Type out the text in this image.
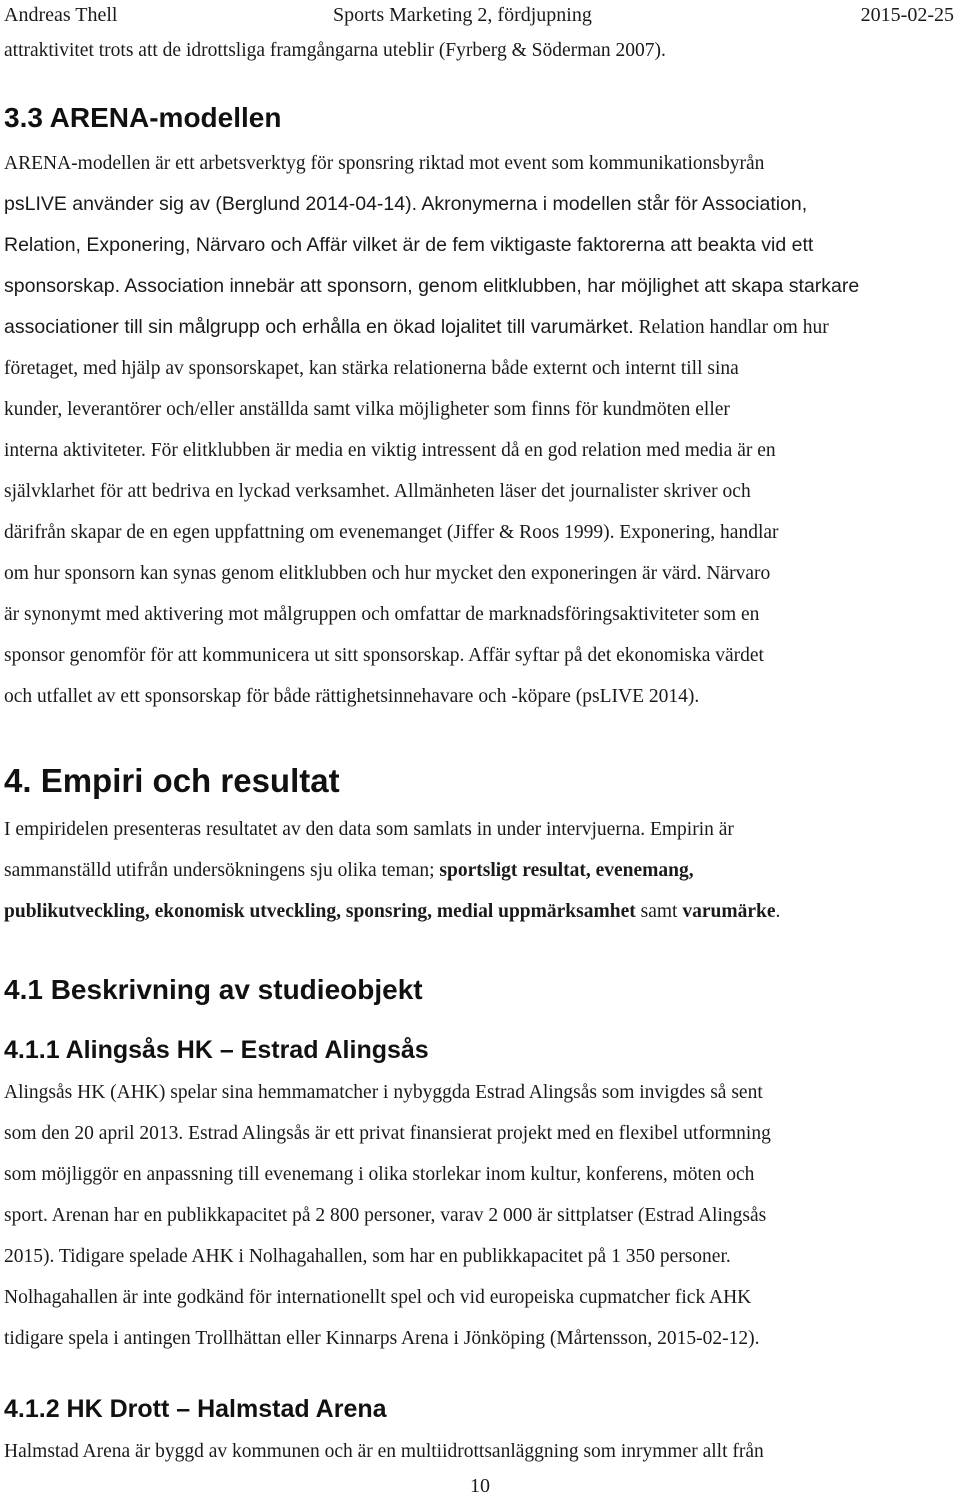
Andreas Thell	Sports Marketing 2, fördjupning	2015-02-25

attraktivitet trots att de idrottsliga framgångarna uteblir (Fyrberg & Söderman 2007).

3.3 ARENA-modellen
ARENA-modellen är ett arbetsverktyg för sponsring riktad mot event som kommunikationsbyrån
psLIVE använder sig av (Berglund 2014-04-14). Akronymerna i modellen står för Association,
Relation, Exponering, Närvaro och Affär vilket är de fem viktigaste faktorerna att beakta vid ett
sponsorskap. Association innebär att sponsorn, genom elitklubben, har möjlighet att skapa starkare
associationer till sin målgrupp och erhålla en ökad lojalitet till varumärket. Relation handlar om hur
företaget, med hjälp av sponsorskapet, kan stärka relationerna både externt och internt till sina
kunder, leverantörer och/eller anställda samt vilka möjligheter som finns för kundmöten eller
interna aktiviteter. För elitklubben är media en viktig intressent då en god relation med media är en
självklarhet för att bedriva en lyckad verksamhet. Allmänheten läser det journalister skriver och
därifrån skapar de en egen uppfattning om evenemanget (Jiffer & Roos 1999). Exponering, handlar
om hur sponsorn kan synas genom elitklubben och hur mycket den exponeringen är värd. Närvaro
är synonymt med aktivering mot målgruppen och omfattar de marknadsföringsaktiviteter som en
sponsor genomför för att kommunicera ut sitt sponsorskap. Affär syftar på det ekonomiska värdet
och utfallet av ett sponsorskap för både rättighetsinnehavare och -köpare (psLIVE 2014).
4. Empiri och resultat
I empiridelen presenteras resultatet av den data som samlats in under intervjuerna. Empirin är
sammanställd utifrån undersökningens sju olika teman; sportsligt resultat, evenemang,
publikutveckling, ekonomisk utveckling, sponsring, medial uppmärksamhet samt varumärke.
4.1 Beskrivning av studieobjekt
4.1.1 Alingsås HK – Estrad Alingsås
Alingsås HK (AHK) spelar sina hemmamatcher i nybyggda Estrad Alingsås som invigdes så sent
som den 20 april 2013. Estrad Alingsås är ett privat finansierat projekt med en flexibel utformning
som möjliggör en anpassning till evenemang i olika storlekar inom kultur, konferens, möten och
sport. Arenan har en publikkapacitet på 2 800 personer, varav 2 000 är sittplatser (Estrad Alingsås
2015). Tidigare spelade AHK i Nolhagahallen, som har en publikkapacitet på 1 350 personer.
Nolhagahallen är inte godkänd för internationellt spel och vid europeiska cupmatcher fick AHK
tidigare spela i antingen Trollhättan eller Kinnarps Arena i Jönköping (Mårtensson, 2015-02-12).
4.1.2 HK Drott – Halmstad Arena
Halmstad Arena är byggd av kommunen och är en multiidrottsanläggning som inrymmer allt från
10
